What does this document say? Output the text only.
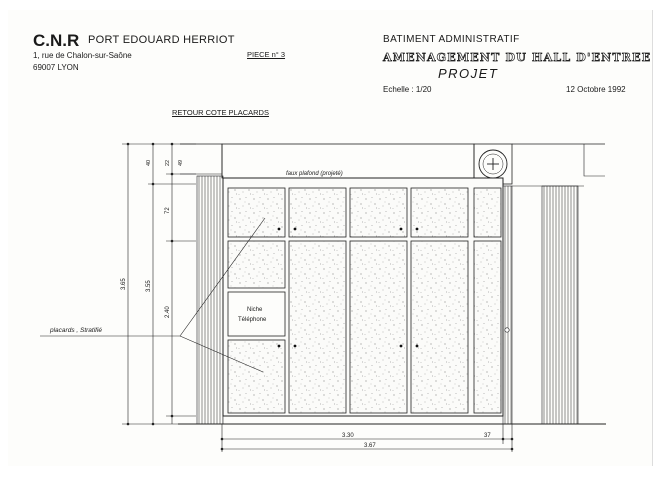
C.N.R PORT EDOUARD HERRIOT
1, rue de Chalon-sur-Saône
69007 LYON
PIECE n° 3
BATIMENT ADMINISTRATIF
AMENAGEMENT DU HALL D'ENTREE
PROJET
Echelle : 1/20	12 Octobre 1992
RETOUR COTE PLACARDS
faux plafond (projeté)
Niche
Téléphone
placards , Stratifié
3.65	3.55
2.40
72
40	49
22
3.30	37
3.67
